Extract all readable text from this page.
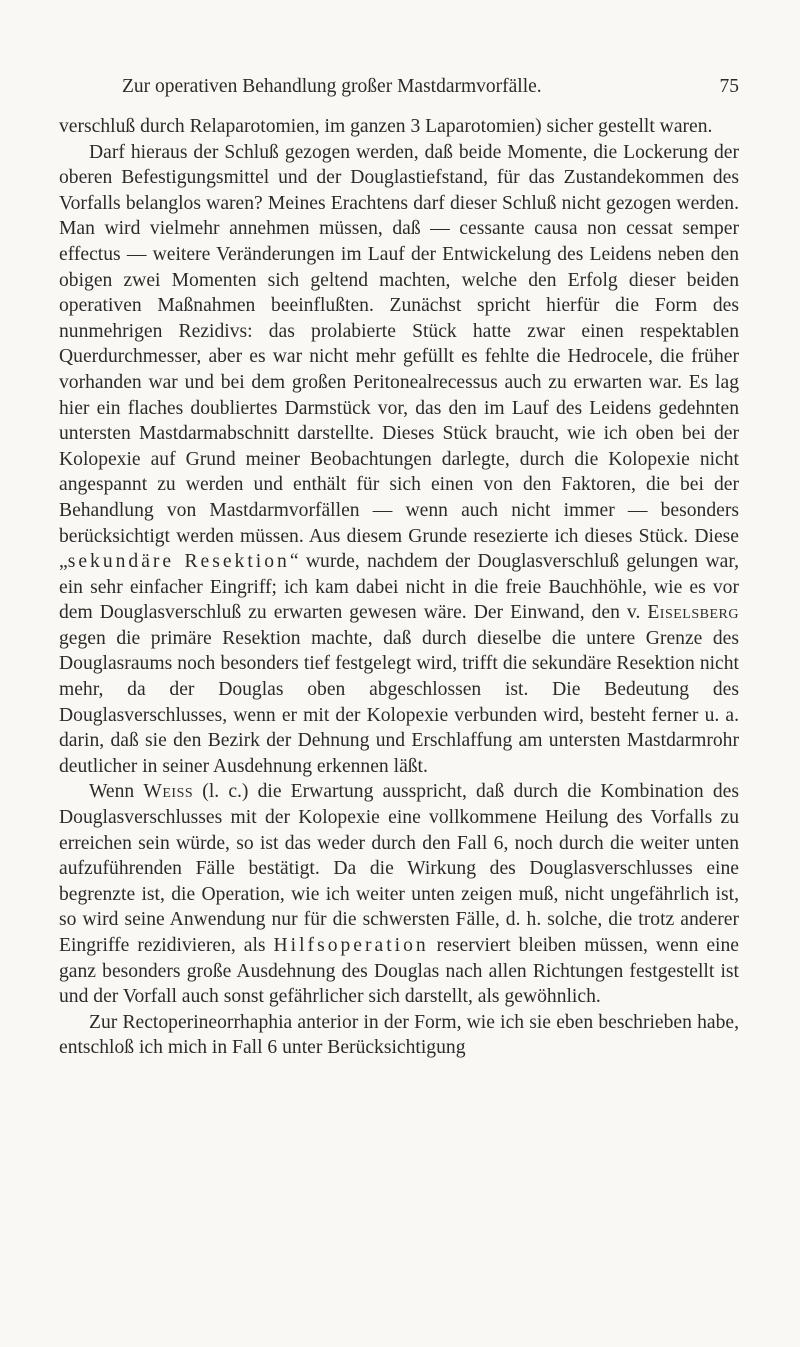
Zur operativen Behandlung großer Mastdarmvorfälle.	75

verschluß durch Relaparotomien, im ganzen 3 Laparotomien) sicher gestellt waren.

Darf hieraus der Schluß gezogen werden, daß beide Momente, die Lockerung der oberen Befestigungsmittel und der Douglastiefstand, für das Zustandekommen des Vorfalls belanglos waren? Meines Erachtens darf dieser Schluß nicht gezogen werden. Man wird vielmehr annehmen müssen, daß — cessante causa non cessat semper effectus — weitere Veränderungen im Lauf der Entwickelung des Leidens neben den obigen zwei Momenten sich geltend machten, welche den Erfolg dieser beiden operativen Maßnahmen beeinflußten. Zunächst spricht hierfür die Form des nunmehrigen Rezidivs: das prolabierte Stück hatte zwar einen respektablen Querdurchmesser, aber es war nicht mehr gefüllt es fehlte die Hedrocele, die früher vorhanden war und bei dem großen Peritonealrecessus auch zu erwarten war. Es lag hier ein flaches doubliertes Darmstück vor, das den im Lauf des Leidens gedehnten untersten Mastdarmabschnitt darstellte. Dieses Stück braucht, wie ich oben bei der Kolopexie auf Grund meiner Beobachtungen darlegte, durch die Kolopexie nicht angespannt zu werden und enthält für sich einen von den Faktoren, die bei der Behandlung von Mastdarmvorfällen — wenn auch nicht immer — besonders berücksichtigt werden müssen. Aus diesem Grunde resezierte ich dieses Stück. Diese „sekundäre Resektion“ wurde, nachdem der Douglasverschluß gelungen war, ein sehr einfacher Eingriff; ich kam dabei nicht in die freie Bauchhöhle, wie es vor dem Douglasverschluß zu erwarten gewesen wäre. Der Einwand, den v. Eiselsberg gegen die primäre Resektion machte, daß durch dieselbe die untere Grenze des Douglasraums noch besonders tief festgelegt wird, trifft die sekundäre Resektion nicht mehr, da der Douglas oben abgeschlossen ist. Die Bedeutung des Douglasverschlusses, wenn er mit der Kolopexie verbunden wird, besteht ferner u. a. darin, daß sie den Bezirk der Dehnung und Erschlaffung am untersten Mastdarmrohr deutlicher in seiner Ausdehnung erkennen läßt.

Wenn Weiss (l. c.) die Erwartung ausspricht, daß durch die Kombination des Douglasverschlusses mit der Kolopexie eine vollkommene Heilung des Vorfalls zu erreichen sein würde, so ist das weder durch den Fall 6, noch durch die weiter unten aufzuführenden Fälle bestätigt. Da die Wirkung des Douglasverschlusses eine begrenzte ist, die Operation, wie ich weiter unten zeigen muß, nicht ungefährlich ist, so wird seine Anwendung nur für die schwersten Fälle, d. h. solche, die trotz anderer Eingriffe rezidivieren, als Hilfsoperation reserviert bleiben müssen, wenn eine ganz besonders große Ausdehnung des Douglas nach allen Richtungen festgestellt ist und der Vorfall auch sonst gefährlicher sich darstellt, als gewöhnlich.

Zur Rectoperineorrhaphia anterior in der Form, wie ich sie eben beschrieben habe, entschloß ich mich in Fall 6 unter Berücksichtigung
